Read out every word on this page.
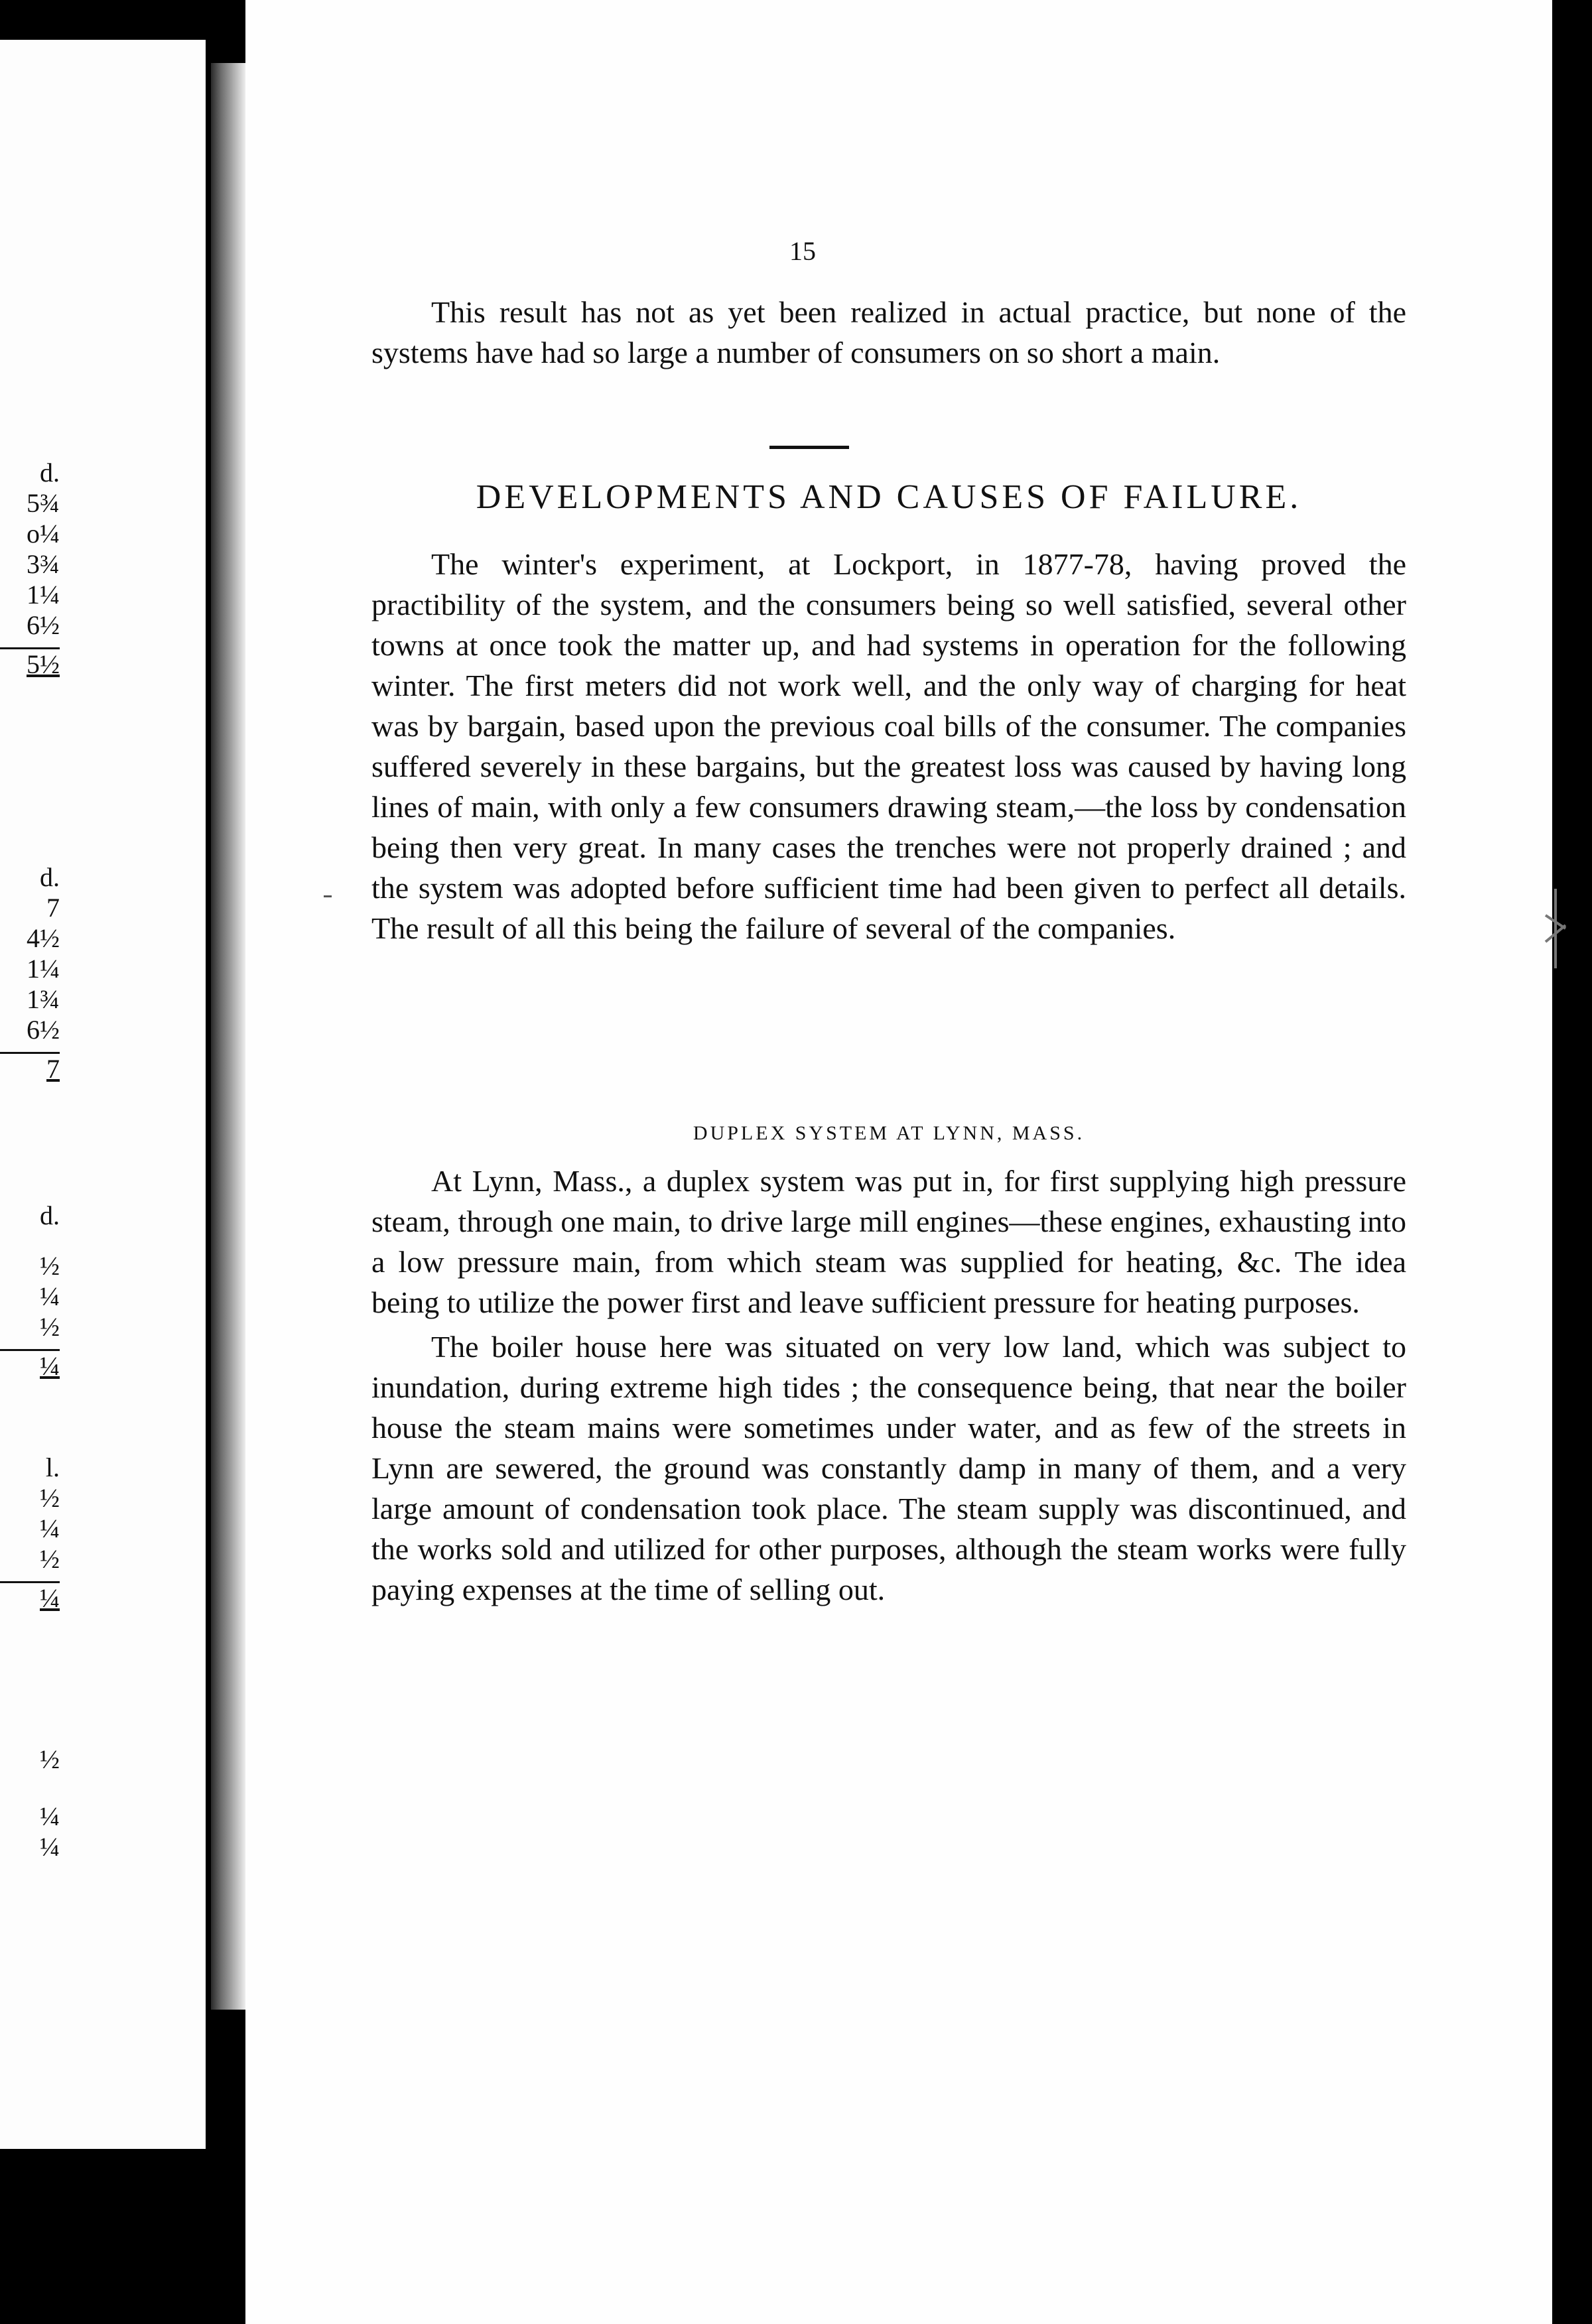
d.
5¾
o¼
3¾
1¼
6½
5½
d.
7
4½
1¼
1¾
6½
7
d.
½
¼
½
¼
l.
½
¼
½
¼
½
¼
¼
15

This result has not as yet been realized in actual practice, but none of the systems have had so large a number of consumers on so short a main.

DEVELOPMENTS AND CAUSES OF FAILURE.

The winter's experiment, at Lockport, in 1877-78, having proved the practibility of the system, and the consumers being so well satisfied, several other towns at once took the matter up, and had systems in operation for the following winter. The first meters did not work well, and the only way of charging for heat was by bargain, based upon the previous coal bills of the consumer. The companies suffered severely in these bargains, but the greatest loss was caused by having long lines of main, with only a few consumers drawing steam,—the loss by condensation being then very great. In many cases the trenches were not properly drained ; and the system was adopted before sufficient time had been given to perfect all details. The result of all this being the failure of several of the companies.

DUPLEX SYSTEM AT LYNN, MASS.

At Lynn, Mass., a duplex system was put in, for first supplying high pressure steam, through one main, to drive large mill engines—these engines, exhausting into a low pressure main, from which steam was supplied for heating, &c. The idea being to utilize the power first and leave sufficient pressure for heating purposes.

The boiler house here was situated on very low land, which was subject to inundation, during extreme high tides ; the consequence being, that near the boiler house the steam mains were sometimes under water, and as few of the streets in Lynn are sewered, the ground was constantly damp in many of them, and a very large amount of condensation took place. The steam supply was discontinued, and the works sold and utilized for other purposes, although the steam works were fully paying expenses at the time of selling out.
